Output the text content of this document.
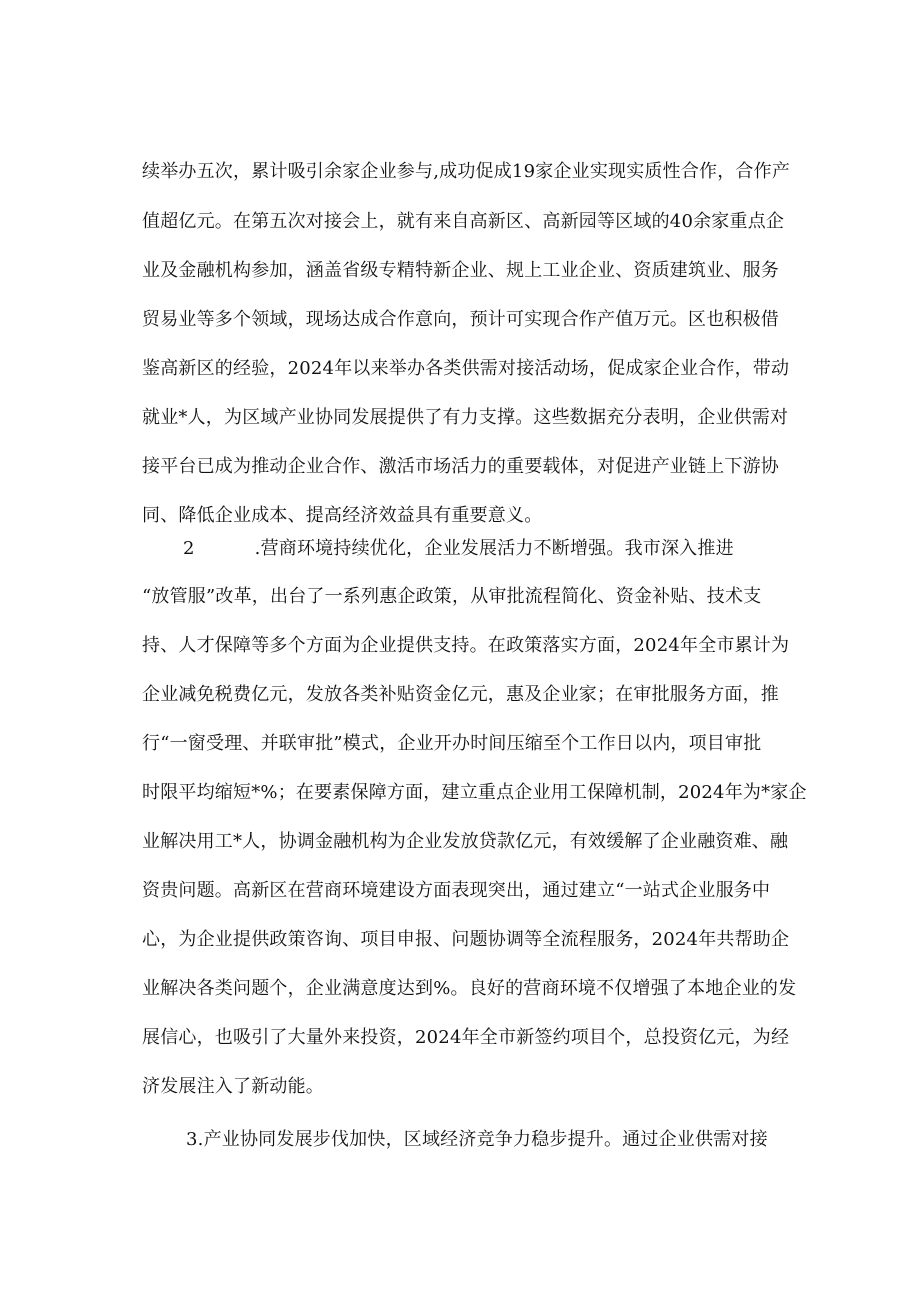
续举办五次，累计吸引余家企业参与,成功促成19家企业实现实质性合作，合作产
值超亿元。在第五次对接会上，就有来自高新区、高新园等区域的40余家重点企
业及金融机构参加，涵盖省级专精特新企业、规上工业企业、资质建筑业、服务
贸易业等多个领域，现场达成合作意向，预计可实现合作产值万元。区也积极借
鉴高新区的经验，2024年以来举办各类供需对接活动场，促成家企业合作，带动
就业*人，为区域产业协同发展提供了有力支撑。这些数据充分表明，企业供需对
接平台已成为推动企业合作、激活市场活力的重要载体，对促进产业链上下游协
同、降低企业成本、提高经济效益具有重要意义。
2	.营商环境持续优化，企业发展活力不断增强。我市深入推进
“放管服”改革，出台了一系列惠企政策，从审批流程简化、资金补贴、技术支
持、人才保障等多个方面为企业提供支持。在政策落实方面，2024年全市累计为
企业减免税费亿元，发放各类补贴资金亿元，惠及企业家；在审批服务方面，推
行“一窗受理、并联审批”模式，企业开办时间压缩至个工作日以内，项目审批
时限平均缩短*%；在要素保障方面，建立重点企业用工保障机制，2024年为*家企
业解决用工*人，协调金融机构为企业发放贷款亿元，有效缓解了企业融资难、融
资贵问题。高新区在营商环境建设方面表现突出，通过建立“一站式企业服务中
心，为企业提供政策咨询、项目申报、问题协调等全流程服务，2024年共帮助企
业解决各类问题个，企业满意度达到%。良好的营商环境不仅增强了本地企业的发
展信心，也吸引了大量外来投资，2024年全市新签约项目个，总投资亿元，为经
济发展注入了新动能。
3.产业协同发展步伐加快，区域经济竞争力稳步提升。通过企业供需对接
